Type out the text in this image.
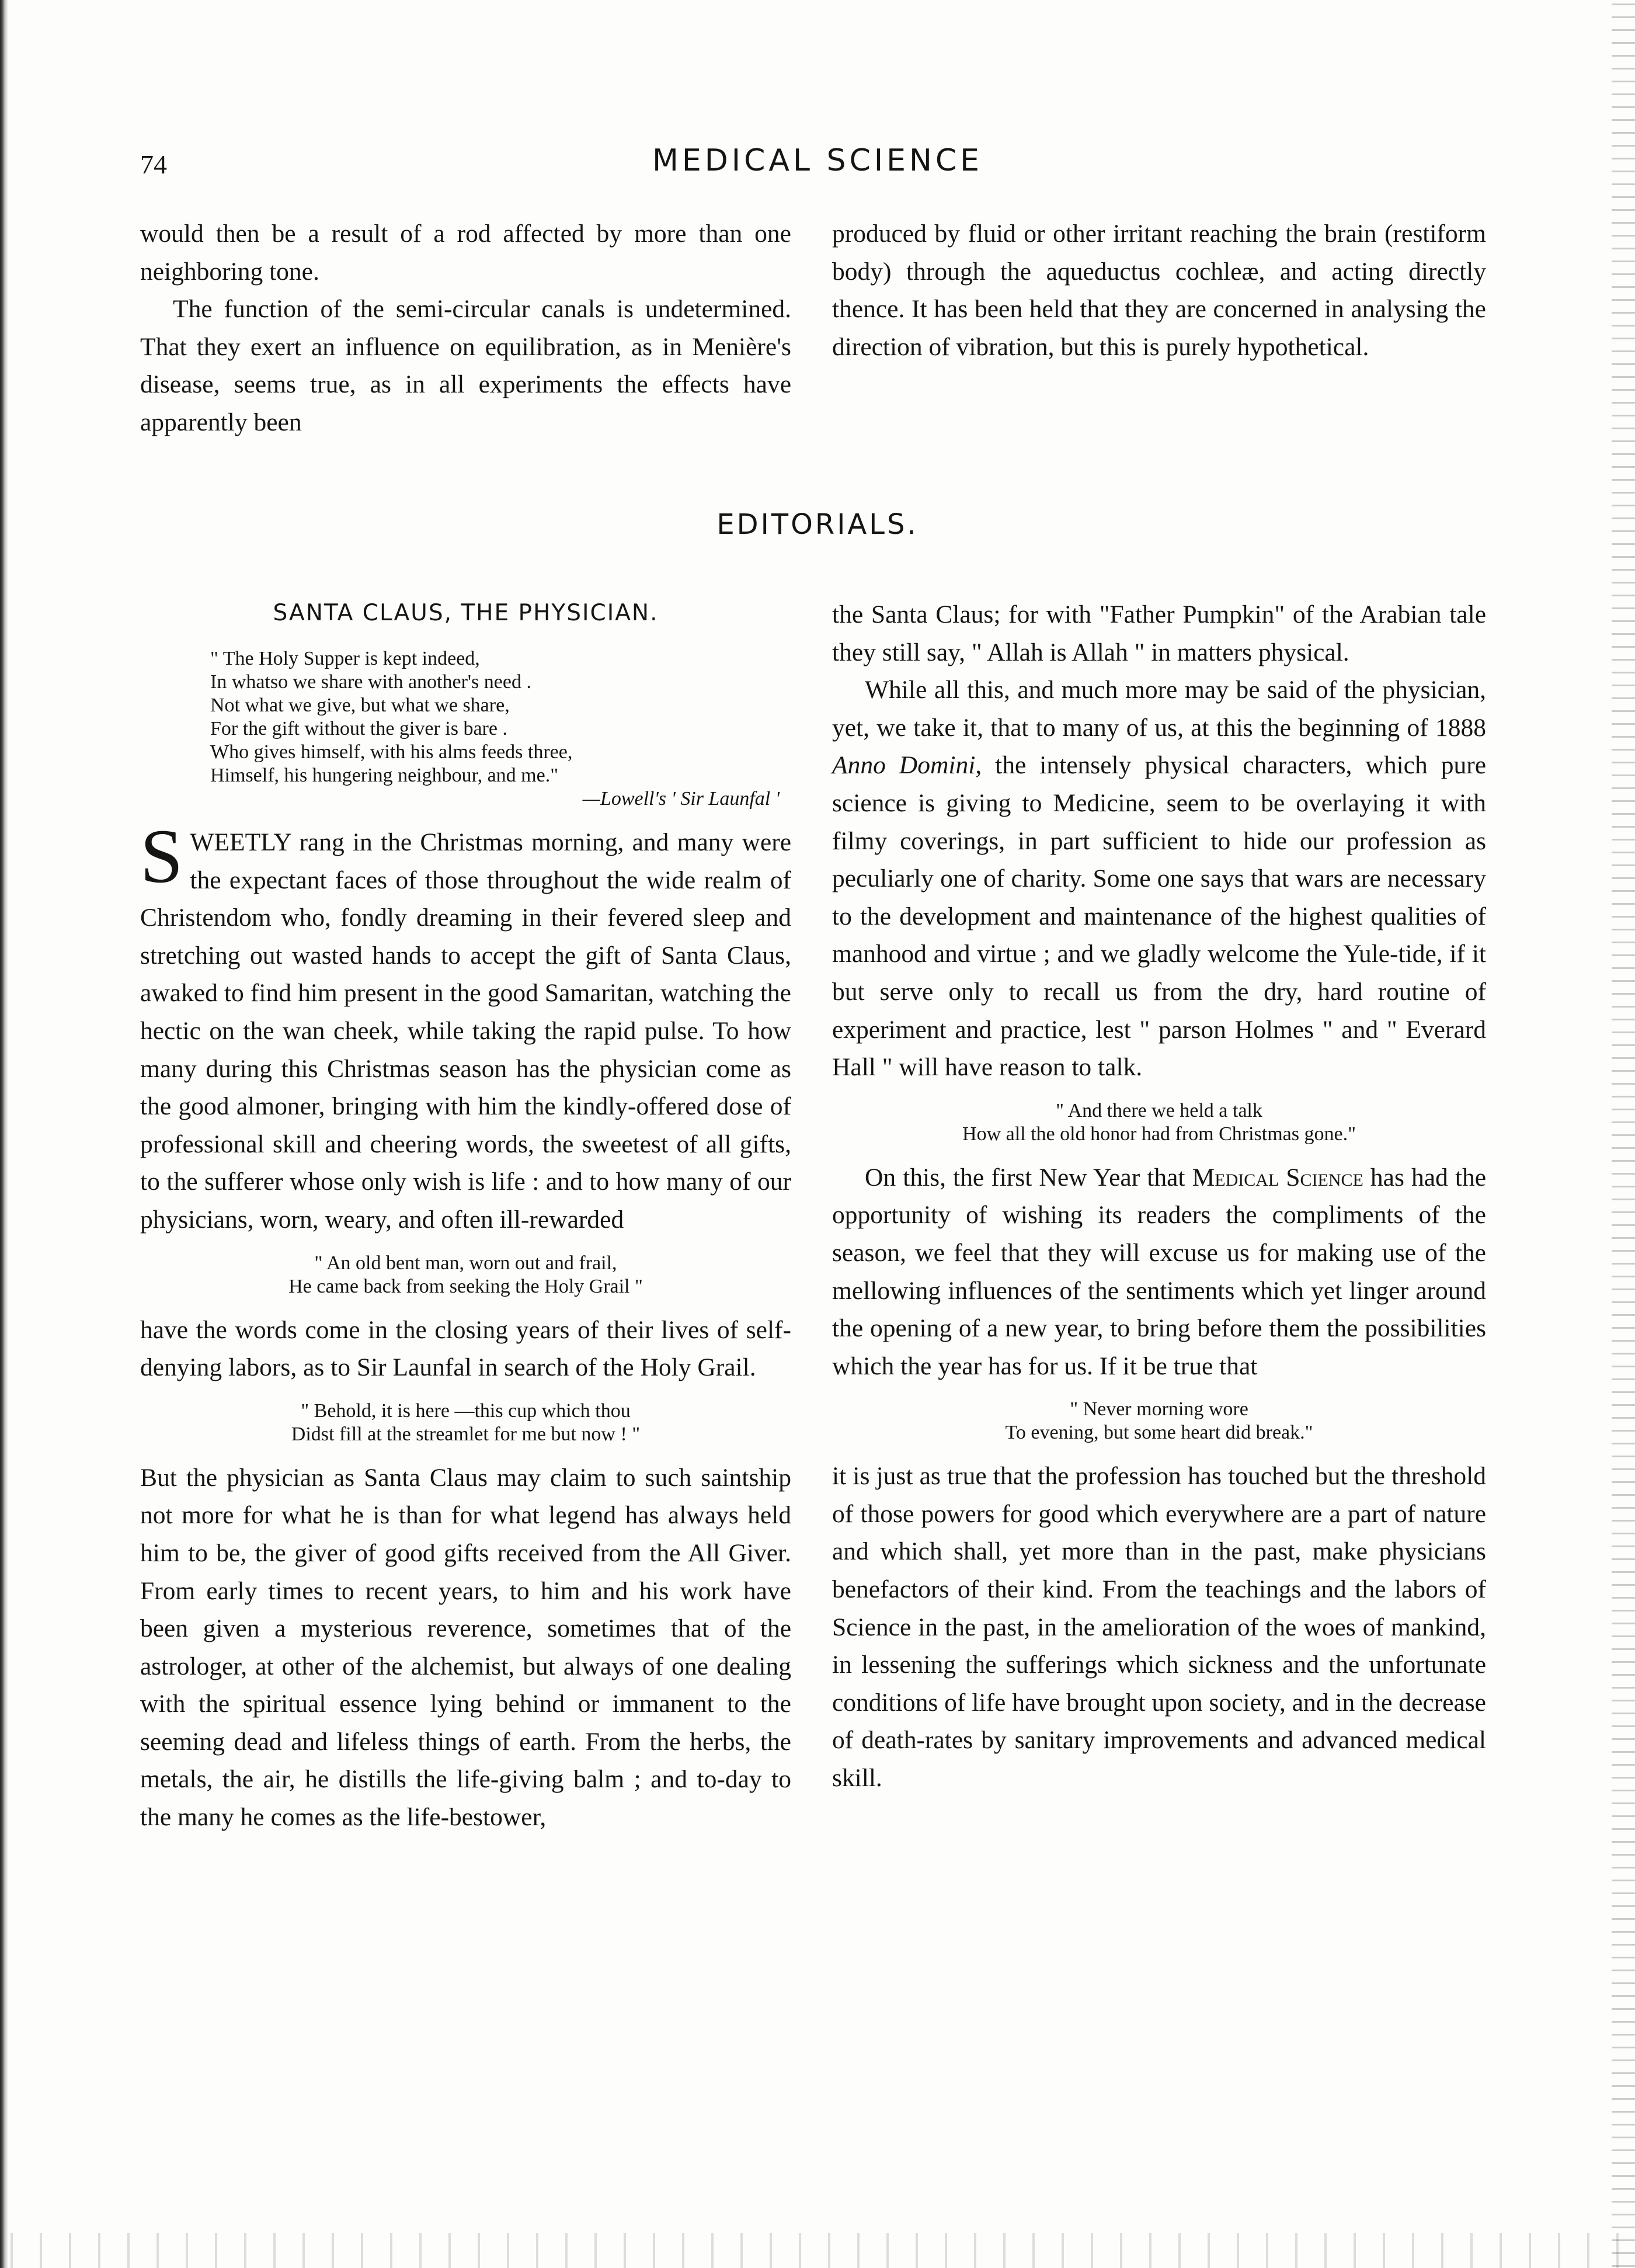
74	MEDICAL SCIENCE

would then be a result of a rod affected by more than one neighboring tone.

The function of the semi-circular canals is undetermined. That they exert an influence on equilibration, as in Menière's disease, seems true, as in all experiments the effects have apparently been

produced by fluid or other irritant reaching the brain (restiform body) through the aqueductus cochleæ, and acting directly thence. It has been held that they are concerned in analysing the direction of vibration, but this is purely hypothetical.

EDITORIALS.
SANTA CLAUS, THE PHYSICIAN.
" The Holy Supper is kept indeed,
In whatso we share with another's need .
Not what we give, but what we share,
For the gift without the giver is bare .
Who gives himself, with his alms feeds three,
Himself, his hungering neighbour, and me."
—Lowell's ' Sir Launfal '

SWEETLY rang in the Christmas morning, and many were the expectant faces of those throughout the wide realm of Christendom who, fondly dreaming in their fevered sleep and stretching out wasted hands to accept the gift of Santa Claus, awaked to find him present in the good Samaritan, watching the hectic on the wan cheek, while taking the rapid pulse. To how many during this Christmas season has the physician come as the good almoner, bringing with him the kindly-offered dose of professional skill and cheering words, the sweetest of all gifts, to the sufferer whose only wish is life : and to how many of our physicians, worn, weary, and often ill-rewarded

" An old bent man, worn out and frail,
He came back from seeking the Holy Grail "

have the words come in the closing years of their lives of self-denying labors, as to Sir Launfal in search of the Holy Grail.

" Behold, it is here —this cup which thou
Didst fill at the streamlet for me but now ! "

But the physician as Santa Claus may claim to such saintship not more for what he is than for what legend has always held him to be, the giver of good gifts received from the All Giver. From early times to recent years, to him and his work have been given a mysterious reverence, sometimes that of the astrologer, at other of the alchemist, but always of one dealing with the spiritual essence lying behind or immanent to the seeming dead and lifeless things of earth. From the herbs, the metals, the air, he distills the life-giving balm ; and to-day to the many he comes as the life-bestower,

the Santa Claus; for with "Father Pumpkin" of the Arabian tale they still say, " Allah is Allah " in matters physical.

While all this, and much more may be said of the physician, yet, we take it, that to many of us, at this the beginning of 1888 Anno Domini, the intensely physical characters, which pure science is giving to Medicine, seem to be overlaying it with filmy coverings, in part sufficient to hide our profession as peculiarly one of charity. Some one says that wars are necessary to the development and maintenance of the highest qualities of manhood and virtue ; and we gladly welcome the Yule-tide, if it but serve only to recall us from the dry, hard routine of experiment and practice, lest " parson Holmes " and " Everard Hall " will have reason to talk.

" And there we held a talk
How all the old honor had from Christmas gone."

On this, the first New Year that Medical Science has had the opportunity of wishing its readers the compliments of the season, we feel that they will excuse us for making use of the mellowing influences of the sentiments which yet linger around the opening of a new year, to bring before them the possibilities which the year has for us. If it be true that

" Never morning wore
To evening, but some heart did break."

it is just as true that the profession has touched but the threshold of those powers for good which everywhere are a part of nature and which shall, yet more than in the past, make physicians benefactors of their kind. From the teachings and the labors of Science in the past, in the amelioration of the woes of mankind, in lessening the sufferings which sickness and the unfortunate conditions of life have brought upon society, and in the decrease of death-rates by sanitary improvements and advanced medical skill.
